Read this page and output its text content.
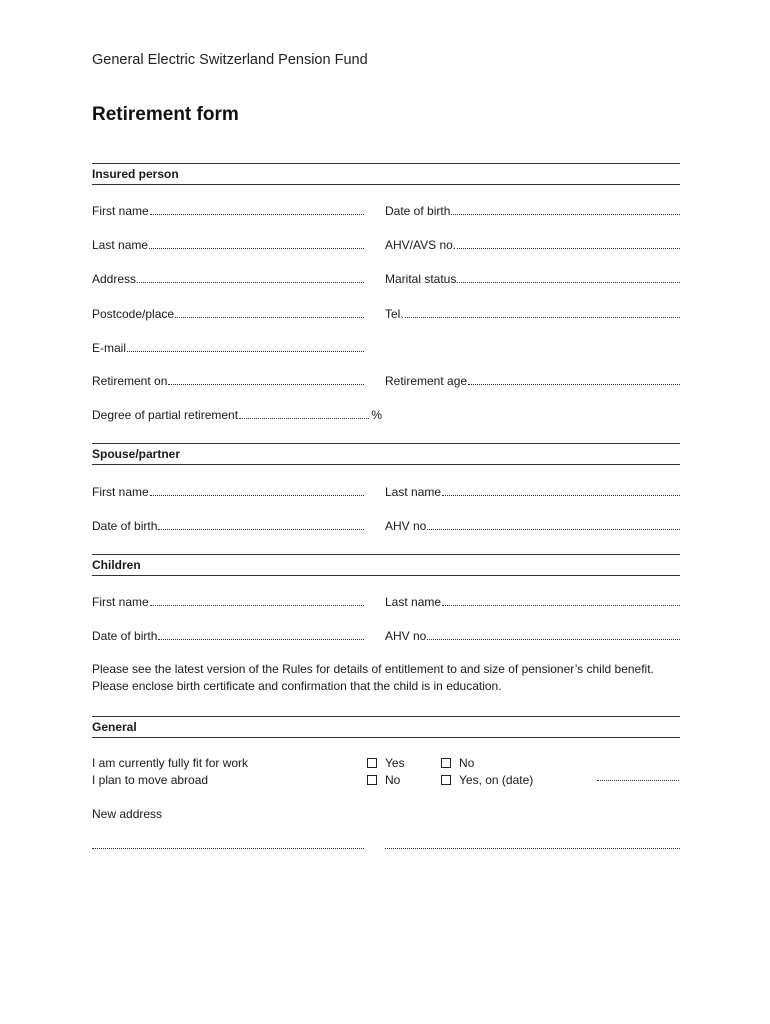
General Electric Switzerland Pension Fund
Retirement form
Insured person
First name	Date of birth
Last name	AHV/AVS no.
Address	Marital status
Postcode/place	Tel.
E-mail
Retirement on	Retirement age
Degree of partial retirement	%
Spouse/partner
First name	Last name
Date of birth	AHV no
Children
First name	Last name
Date of birth	AHV no
Please see the latest version of the Rules for details of entitlement to and size of pensioner’s child benefit. Please enclose birth certificate and confirmation that the child is in education.
General
I am currently fully fit for work	Yes	No
I plan to move abroad	No	Yes, on (date)
New address
